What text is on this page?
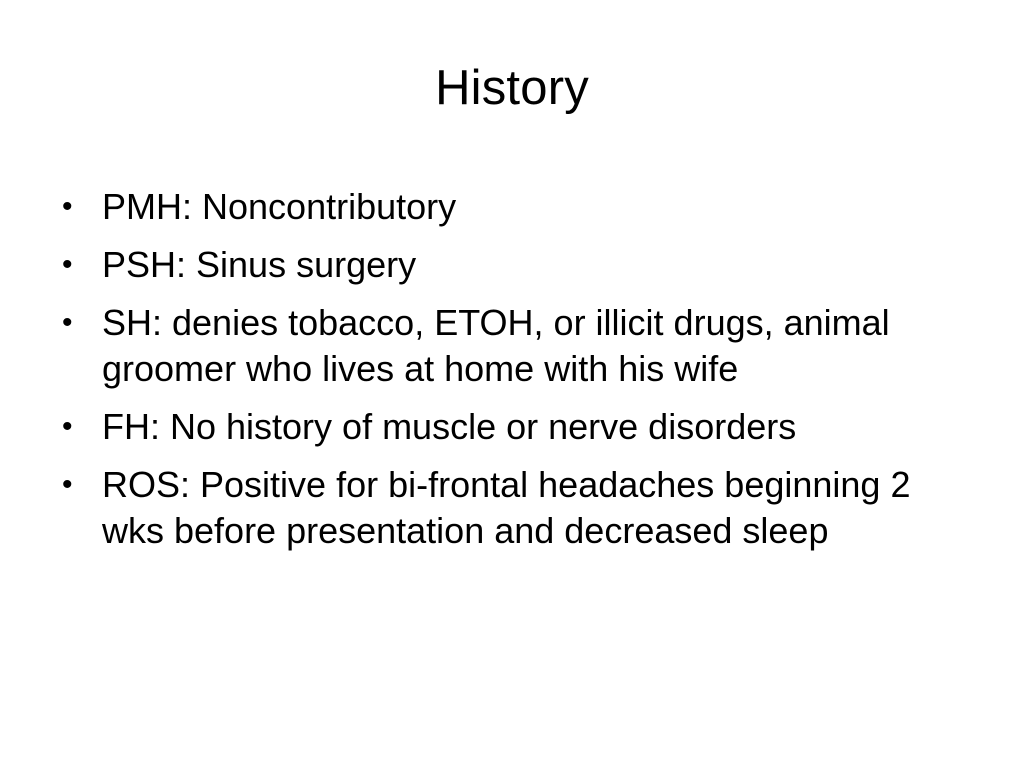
History
• PMH: Noncontributory
• PSH: Sinus surgery
• SH: denies tobacco, ETOH, or illicit drugs, animal groomer who lives at home with his wife
• FH: No history of muscle or nerve disorders
• ROS: Positive for bi-frontal headaches beginning 2 wks before presentation and decreased sleep
